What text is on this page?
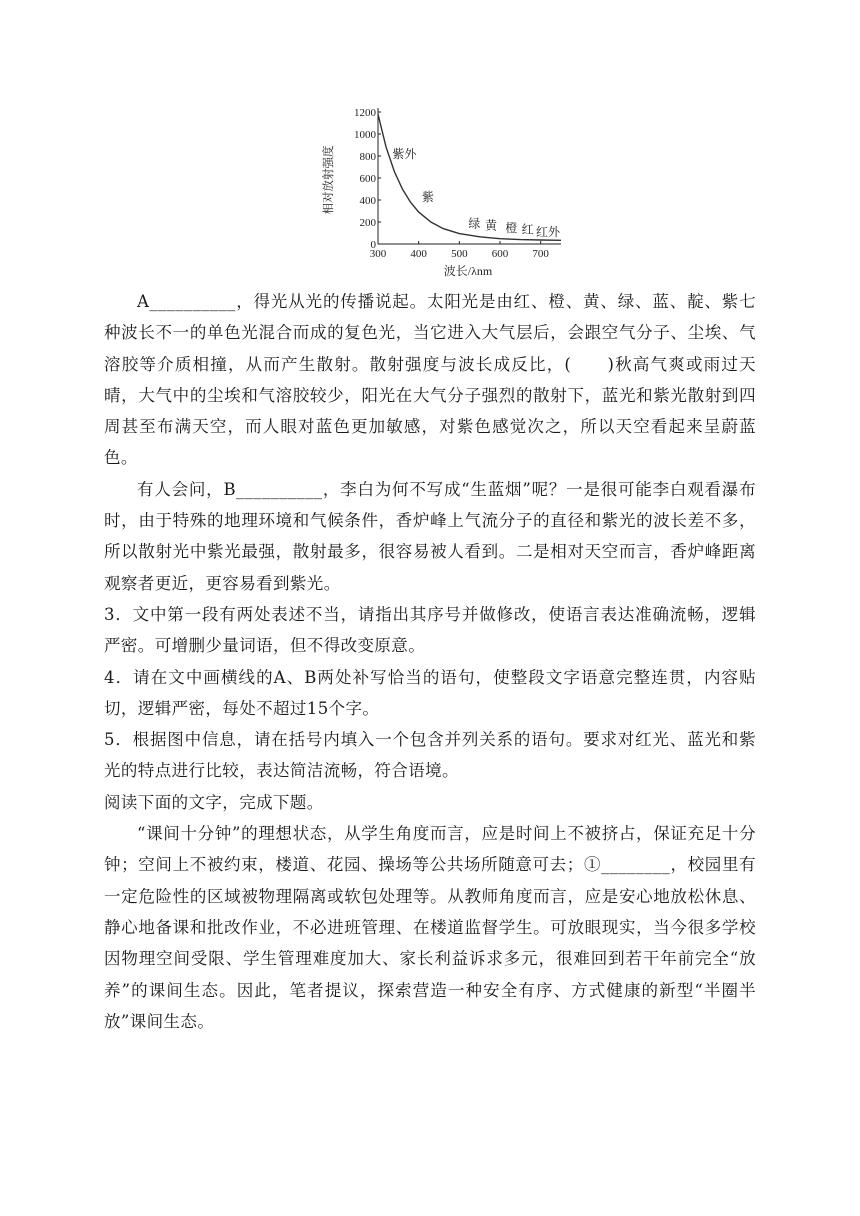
相对放射强度
波长/λnm
300 400 500 600 700
0
200
400
600
800
1000
1200
紫外
紫
绿 黄 橙 红 红外

A__________，得光从光的传播说起。太阳光是由红、橙、黄、绿、蓝、靛、紫七种波长不一的单色光混合而成的复色光，当它进入大气层后，会跟空气分子、尘埃、气溶胶等介质相撞，从而产生散射。散射强度与波长成反比，(　　)秋高气爽或雨过天晴，大气中的尘埃和气溶胶较少，阳光在大气分子强烈的散射下，蓝光和紫光散射到四周甚至布满天空，而人眼对蓝色更加敏感，对紫色感觉次之，所以天空看起来呈蔚蓝色。

有人会问，B__________，李白为何不写成“生蓝烟”呢？一是很可能李白观看瀑布时，由于特殊的地理环境和气候条件，香炉峰上气流分子的直径和紫光的波长差不多，所以散射光中紫光最强，散射最多，很容易被人看到。二是相对天空而言，香炉峰距离观察者更近，更容易看到紫光。

3．文中第一段有两处表述不当，请指出其序号并做修改，使语言表达准确流畅，逻辑严密。可增删少量词语，但不得改变原意。

4．请在文中画横线的A、B两处补写恰当的语句，使整段文字语意完整连贯，内容贴切，逻辑严密，每处不超过15个字。

5．根据图中信息，请在括号内填入一个包含并列关系的语句。要求对红光、蓝光和紫光的特点进行比较，表达简洁流畅，符合语境。

阅读下面的文字，完成下题。

“课间十分钟”的理想状态，从学生角度而言，应是时间上不被挤占，保证充足十分钟；空间上不被约束，楼道、花园、操场等公共场所随意可去；①________，校园里有一定危险性的区域被物理隔离或软包处理等。从教师角度而言，应是安心地放松休息、静心地备课和批改作业，不必进班管理、在楼道监督学生。可放眼现实，当今很多学校因物理空间受限、学生管理难度加大、家长利益诉求多元，很难回到若干年前完全“放养”的课间生态。因此，笔者提议，探索营造一种安全有序、方式健康的新型“半圈半放”课间生态。
